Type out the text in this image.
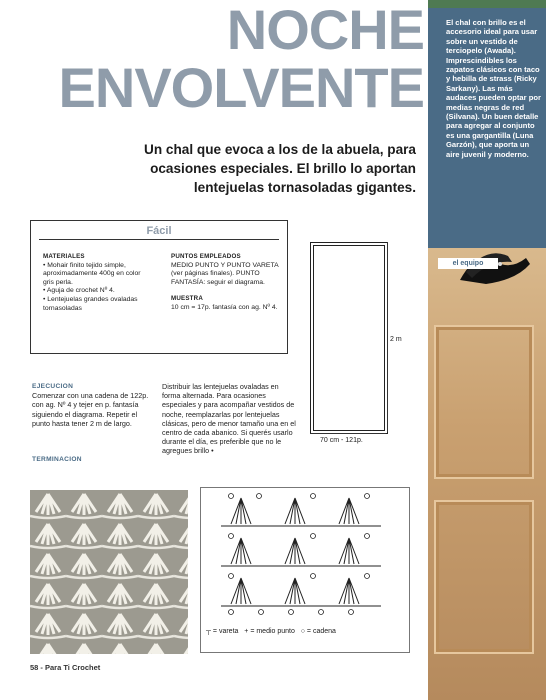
NOCHE
ENVOLVENTE
Un chal que evoca a los de la abuela, para ocasiones especiales. El brillo lo aportan lentejuelas tornasoladas gigantes.
El chal con brillo es el accesorio ideal para usar sobre un vestido de terciopelo (Awada). Imprescindibles los zapatos clásicos con taco y hebilla de strass (Ricky Sarkany). Las más audaces pueden optar por medias negras de red (Silvana). Un buen detalle para agregar al conjunto es una gargantilla (Luna Garzón), que aporta un aire juvenil y moderno.
el equipo
Fácil
MATERIALES

• Mohair finito tejido simple, aproximadamente 400g en color gris perla.

• Aguja de crochet Nº 4.

• Lentejuelas grandes ovaladas tornasoladas

PUNTOS EMPLEADOS

MEDIO PUNTO Y PUNTO VARETA (ver páginas finales). PUNTO FANTASÍA: seguir el diagrama.

MUESTRA

10 cm = 17p. fantasía con ag. Nº 4.

2 m
70 cm - 121p.
EJECUCION

Comenzar con una cadena de 122p. con ag. Nº 4 y tejer en p. fantasía siguiendo el diagrama. Repetir el punto hasta tener 2 m de largo.

TERMINACION

Distribuir las lentejuelas ovaladas en forma alternada. Para ocasiones especiales y para acompañar vestidos de noche, reemplazarlas por lentejuelas clásicas, pero de menor tamaño una en el centro de cada abanico. Si querés usarlo durante el día, es preferible que no le agregues brillo •

┬ = vareta + = medio punto ○ = cadena
58 - Para Ti Crochet
